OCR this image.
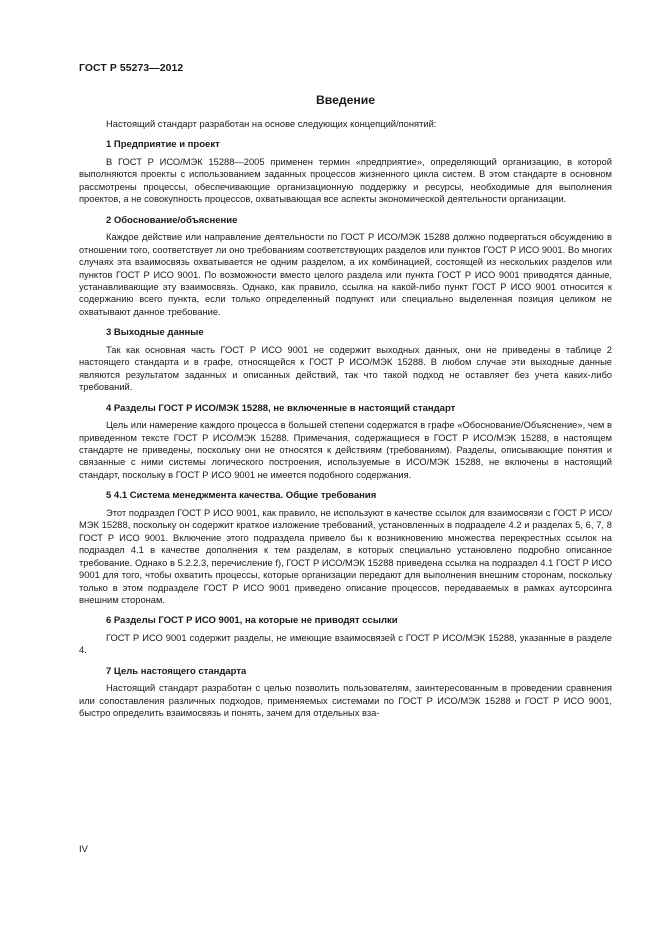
ГОСТ Р 55273—2012
Введение

Настоящий стандарт разработан на основе следующих концепций/понятий:

1 Предприятие и проект

В ГОСТ Р ИСО/МЭК 15288—2005 применен термин «предприятие», определяющий организацию, в которой выполняются проекты с использованием заданных процессов жизненного цикла систем. В этом стандарте в основном рассмотрены процессы, обеспечивающие организационную поддержку и ресурсы, необходимые для выполнения проектов, а не совокупность процессов, охватывающая все аспекты экономической деятельности организации.

2 Обоснование/объяснение

Каждое действие или направление деятельности по ГОСТ Р ИСО/МЭК 15288 должно подвергаться обсуждению в отношении того, соответствует ли оно требованиям соответствующих разделов или пунктов ГОСТ Р ИСО 9001. Во многих случаях эта взаимосвязь охватывается не одним разделом, а их комбинацией, состоящей из нескольких разделов или пунктов ГОСТ Р ИСО 9001. По возможности вместо целого раздела или пункта ГОСТ Р ИСО 9001 приводятся данные, устанавливающие эту взаимосвязь. Однако, как правило, ссылка на какой-либо пункт ГОСТ Р ИСО 9001 относится к содержанию всего пункта, если только определенный подпункт или специально выделенная позиция целиком не охватывают данное требование.

3 Выходные данные

Так как основная часть ГОСТ Р ИСО 9001 не содержит выходных данных, они не приведены в таблице 2 настоящего стандарта и в графе, относящейся к ГОСТ Р ИСО/МЭК 15288. В любом случае эти выходные данные являются результатом заданных и описанных действий, так что такой подход не оставляет без учета каких-либо требований.

4 Разделы ГОСТ Р ИСО/МЭК 15288, не включенные в настоящий стандарт

Цель или намерение каждого процесса в большей степени содержатся в графе «Обоснование/Объяснение», чем в приведенном тексте ГОСТ Р ИСО/МЭК 15288. Примечания, содержащиеся в ГОСТ Р ИСО/МЭК 15288, в настоящем стандарте не приведены, поскольку они не относятся к действиям (требованиям). Разделы, описывающие понятия и связанные с ними системы логического построения, используемые в ИСО/МЭК 15288, не включены в настоящий стандарт, поскольку в ГОСТ Р ИСО 9001 не имеется подобного содержания.

5 4.1 Система менеджмента качества. Общие требования

Этот подраздел ГОСТ Р ИСО 9001, как правило, не используют в качестве ссылок для взаимосвязи с ГОСТ Р ИСО/МЭК 15288, поскольку он содержит краткое изложение требований, установленных в подразделе 4.2 и разделах 5, 6, 7, 8 ГОСТ Р ИСО 9001. Включение этого подраздела привело бы к возникновению множества перекрестных ссылок на подраздел 4.1 в качестве дополнения к тем разделам, в которых специально установлено подробно описанное требование. Однако в 5.2.2.3, перечисление f), ГОСТ Р ИСО/МЭК 15288 приведена ссылка на подраздел 4.1 ГОСТ Р ИСО 9001 для того, чтобы охватить процессы, которые организации передают для выполнения внешним сторонам, поскольку только в этом подразделе ГОСТ Р ИСО 9001 приведено описание процессов, передаваемых в рамках аутсорсинга внешним сторонам.

6 Разделы ГОСТ Р ИСО 9001, на которые не приводят ссылки

ГОСТ Р ИСО 9001 содержит разделы, не имеющие взаимосвязей с ГОСТ Р ИСО/МЭК 15288, указанные в разделе 4.

7 Цель настоящего стандарта

Настоящий стандарт разработан с целью позволить пользователям, заинтересованным в проведении сравнения или сопоставления различных подходов, применяемых системами по ГОСТ Р ИСО/МЭК 15288 и ГОСТ Р ИСО 9001, быстро определить взаимосвязь и понять, зачем для отдельных вза-

IV
